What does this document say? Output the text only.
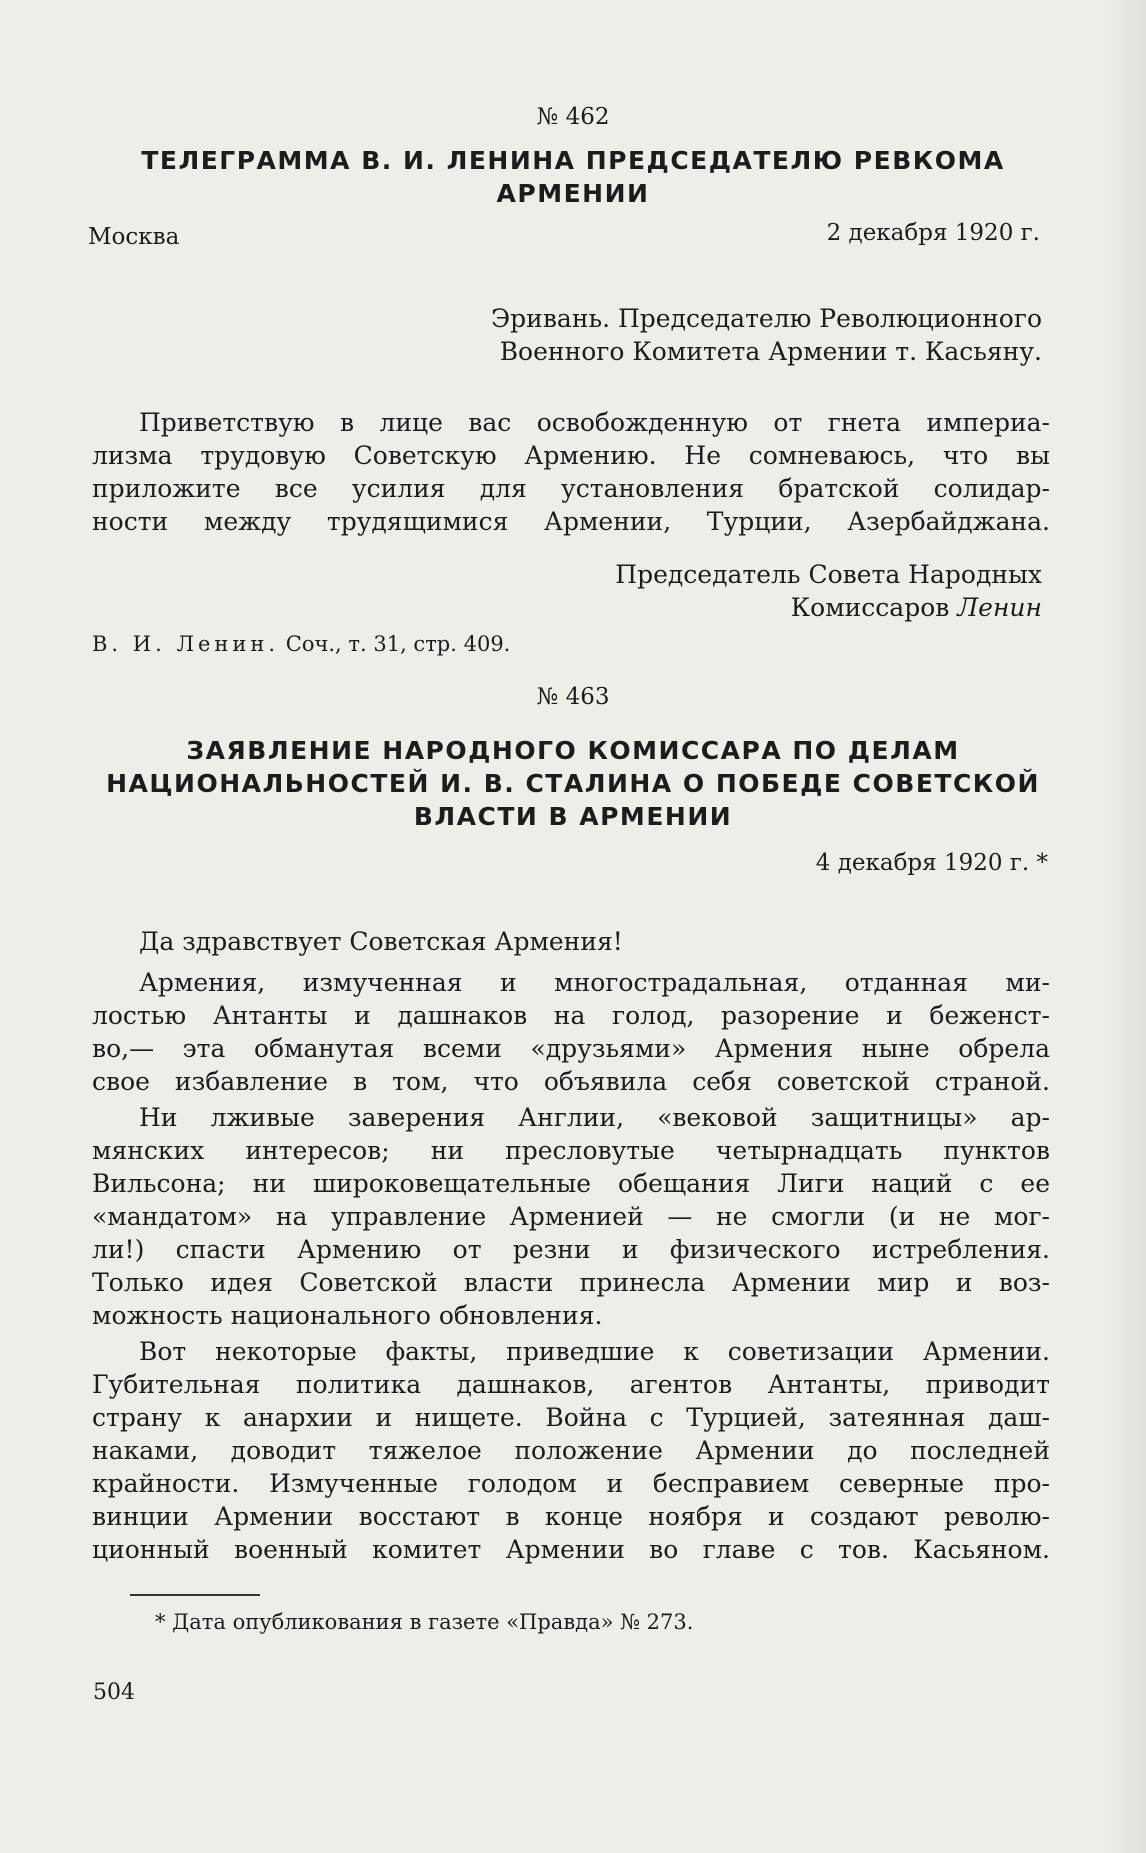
№ 462

ТЕЛЕГРАММА В. И. ЛЕНИНА ПРЕДСЕДАТЕЛЮ РЕВКОМА

АРМЕНИИ

Москва	2 декабря 1920 г.

Эривань. Председателю Революционного

Военного Комитета Армении т. Касьяну.

Приветствую в лице вас освобожденную от гнета империа-
лизма трудовую Советскую Армению. Не сомневаюсь, что вы
приложите все усилия для установления братской солидар-
ности между трудящимися Армении, Турции, Азербайджана.

Председатель Совета Народных

Комиссаров Ленин

В. И. Ленин. Соч., т. 31, стр. 409.

№ 463

ЗАЯВЛЕНИЕ НАРОДНОГО КОМИССАРА ПО ДЕЛАМ

НАЦИОНАЛЬНОСТЕЙ И. В. СТАЛИНА О ПОБЕДЕ СОВЕТСКОЙ

ВЛАСТИ В АРМЕНИИ

4 декабря 1920 г. *

Да здравствует Советская Армения!

Армения, измученная и многострадальная, отданная ми-
лостью Антанты и дашнаков на голод, разорение и беженст-
во,— эта обманутая всеми «друзьями» Армения ныне обрела
свое избавление в том, что объявила себя советской страной.
Ни лживые заверения Англии, «вековой защитницы» ар-
мянских интересов; ни пресловутые четырнадцать пунктов
Вильсона; ни широковещательные обещания Лиги наций с ее
«мандатом» на управление Арменией — не смогли (и не мог-
ли!) спасти Армению от резни и физического истребления.
Только идея Советской власти принесла Армении мир и воз-
можность национального обновления.
Вот некоторые факты, приведшие к советизации Армении.
Губительная политика дашнаков, агентов Антанты, приводит
страну к анархии и нищете. Война с Турцией, затеянная даш-
наками, доводит тяжелое положение Армении до последней
крайности. Измученные голодом и бесправием северные про-
винции Армении восстают в конце ноября и создают револю-
ционный военный комитет Армении во главе с тов. Касьяном.

* Дата опубликования в газете «Правда» № 273.

504
